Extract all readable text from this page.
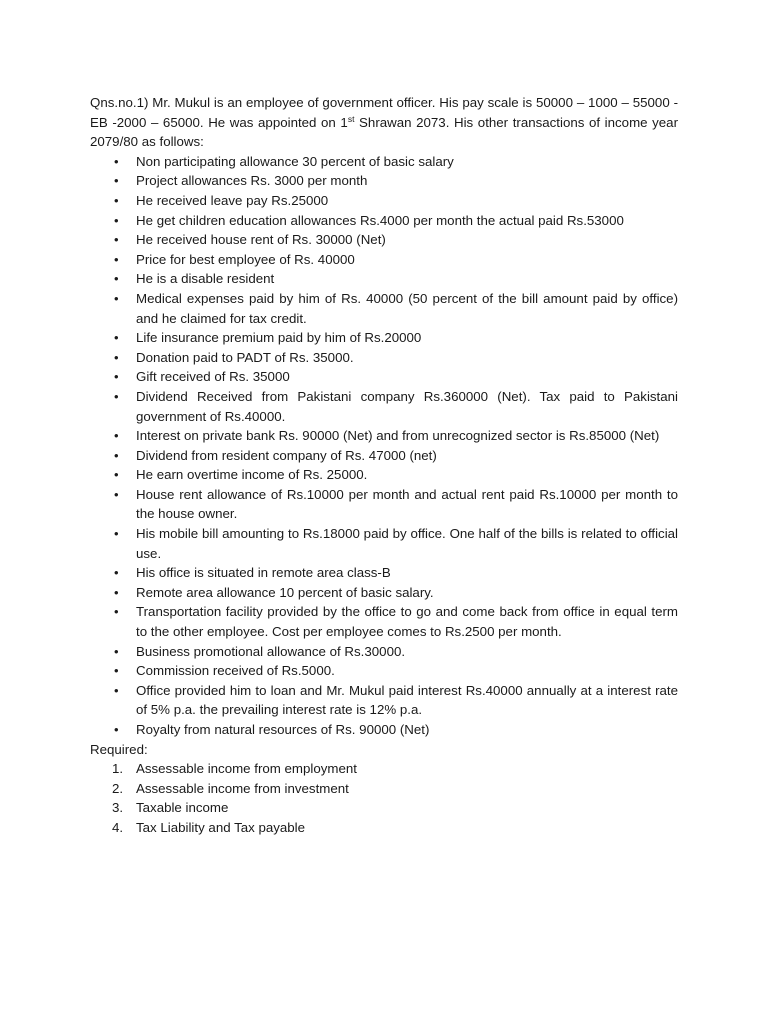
Qns.no.1) Mr. Mukul is an employee of government officer. His pay scale is 50000 – 1000 – 55000 -EB -2000 – 65000. He was appointed on 1st Shrawan 2073. His other transactions of income year 2079/80 as follows:

• Non participating allowance 30 percent of basic salary
• Project allowances Rs. 3000 per month
• He received leave pay Rs.25000
• He get children education allowances Rs.4000 per month the actual paid Rs.53000
• He received house rent of Rs. 30000 (Net)
• Price for best employee of Rs. 40000
• He is a disable resident
• Medical expenses paid by him of Rs. 40000 (50 percent of the bill amount paid by office) and he claimed for tax credit.
• Life insurance premium paid by him of Rs.20000
• Donation paid to PADT of Rs. 35000.
• Gift received of Rs. 35000
• Dividend Received from Pakistani company Rs.360000 (Net). Tax paid to Pakistani government of Rs.40000.
• Interest on private bank Rs. 90000 (Net) and from unrecognized sector is Rs.85000 (Net)
• Dividend from resident company of Rs. 47000 (net)
• He earn overtime income of Rs. 25000.
• House rent allowance of Rs.10000 per month and actual rent paid Rs.10000 per month to the house owner.
• His mobile bill amounting to Rs.18000 paid by office. One half of the bills is related to official use.
• His office is situated in remote area class-B
• Remote area allowance 10 percent of basic salary.
• Transportation facility provided by the office to go and come back from office in equal term to the other employee. Cost per employee comes to Rs.2500 per month.
• Business promotional allowance of Rs.30000.
• Commission received of Rs.5000.
• Office provided him to loan and Mr. Mukul paid interest Rs.40000 annually at a interest rate of 5% p.a. the prevailing interest rate is 12% p.a.
• Royalty from natural resources of Rs. 90000 (Net)

Required:

1. Assessable income from employment
2. Assessable income from investment
3. Taxable income
4. Tax Liability and Tax payable
